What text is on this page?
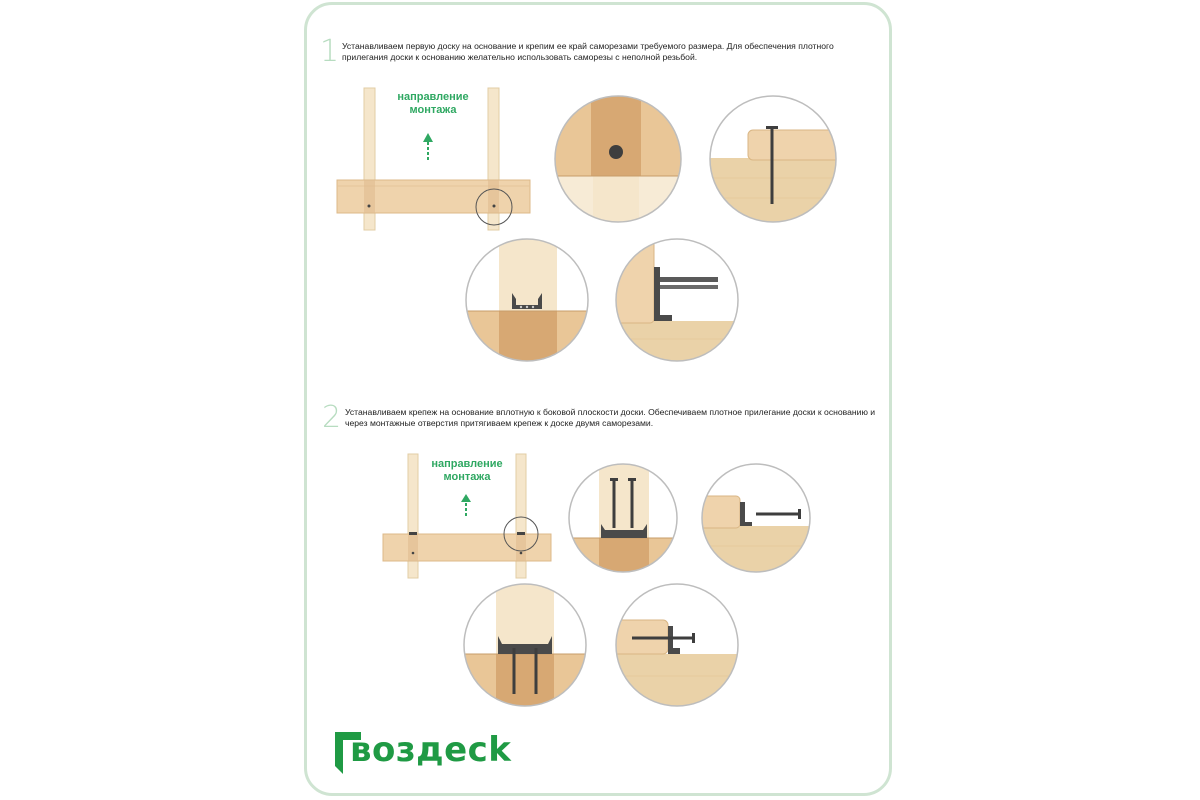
1 Устанавливаем первую доску на основание и крепим ее край саморезами требуемого размера. Для обеспечения плотного прилегания доски к основанию желательно использовать саморезы с неполной резьбой.
направление
монтажа
2 Устанавливаем крепеж на основание вплотную к боковой плоскости доски. Обеспечиваем плотное прилегание доски к основанию и через монтажные отверстия притягиваем крепеж к доске двумя саморезами.
направление
монтажа
воздеck
